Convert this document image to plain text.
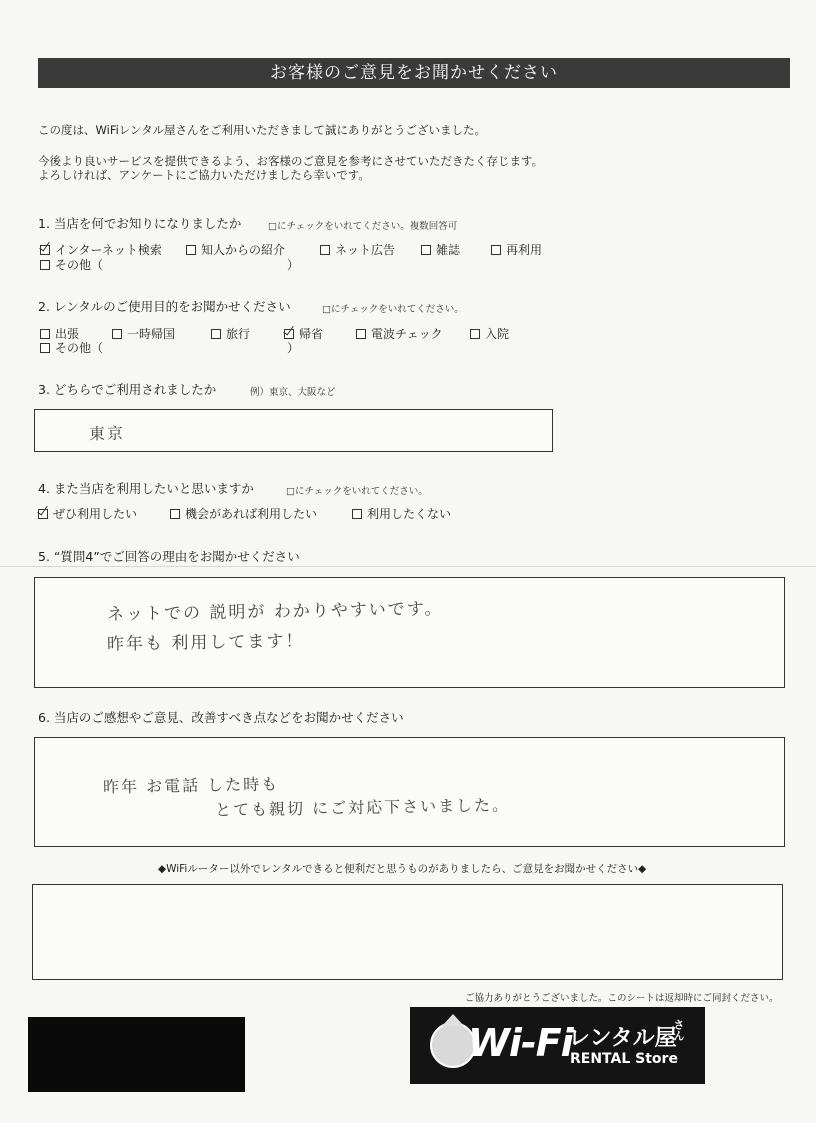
お客様のご意見をお聞かせください
この度は、WiFiレンタル屋さんをご利用いただきまして誠にありがとうございました。
今後より良いサービスを提供できるよう、お客様のご意見を参考にさせていただきたく存じます。
よろしければ、アンケートにご協力いただけましたら幸いです。
1. 当店を何でお知りになりましたか	□にチェックをいれてください。複数回答可
インターネット検索	知人からの紹介	ネット広告	雑誌	再利用
その他（	）
2. レンタルのご使用目的をお聞かせください	□にチェックをいれてください。
出張	一時帰国	旅行	帰省	電波チェック	入院
その他（	）
3. どちらでご利用されましたか	例）東京、大阪など
東京
4. また当店を利用したいと思いますか	□にチェックをいれてください。
ぜひ利用したい	機会があれば利用したい	利用したくない
5. “質問4”でご回答の理由をお聞かせください
ネットでの 説明が わかりやすいです。
昨年も 利用してます！
6. 当店のご感想やご意見、改善すべき点などをお聞かせください
昨年 お電話 した時も
とても親切 にご対応下さいました。
◆WiFiルーター以外でレンタルできると便利だと思うものがありましたら、ご意見をお聞かせください◆
ご協力ありがとうございました。このシートは返却時にご同封ください。
Wi-Fi
レンタル屋
さん
RENTAL Store
